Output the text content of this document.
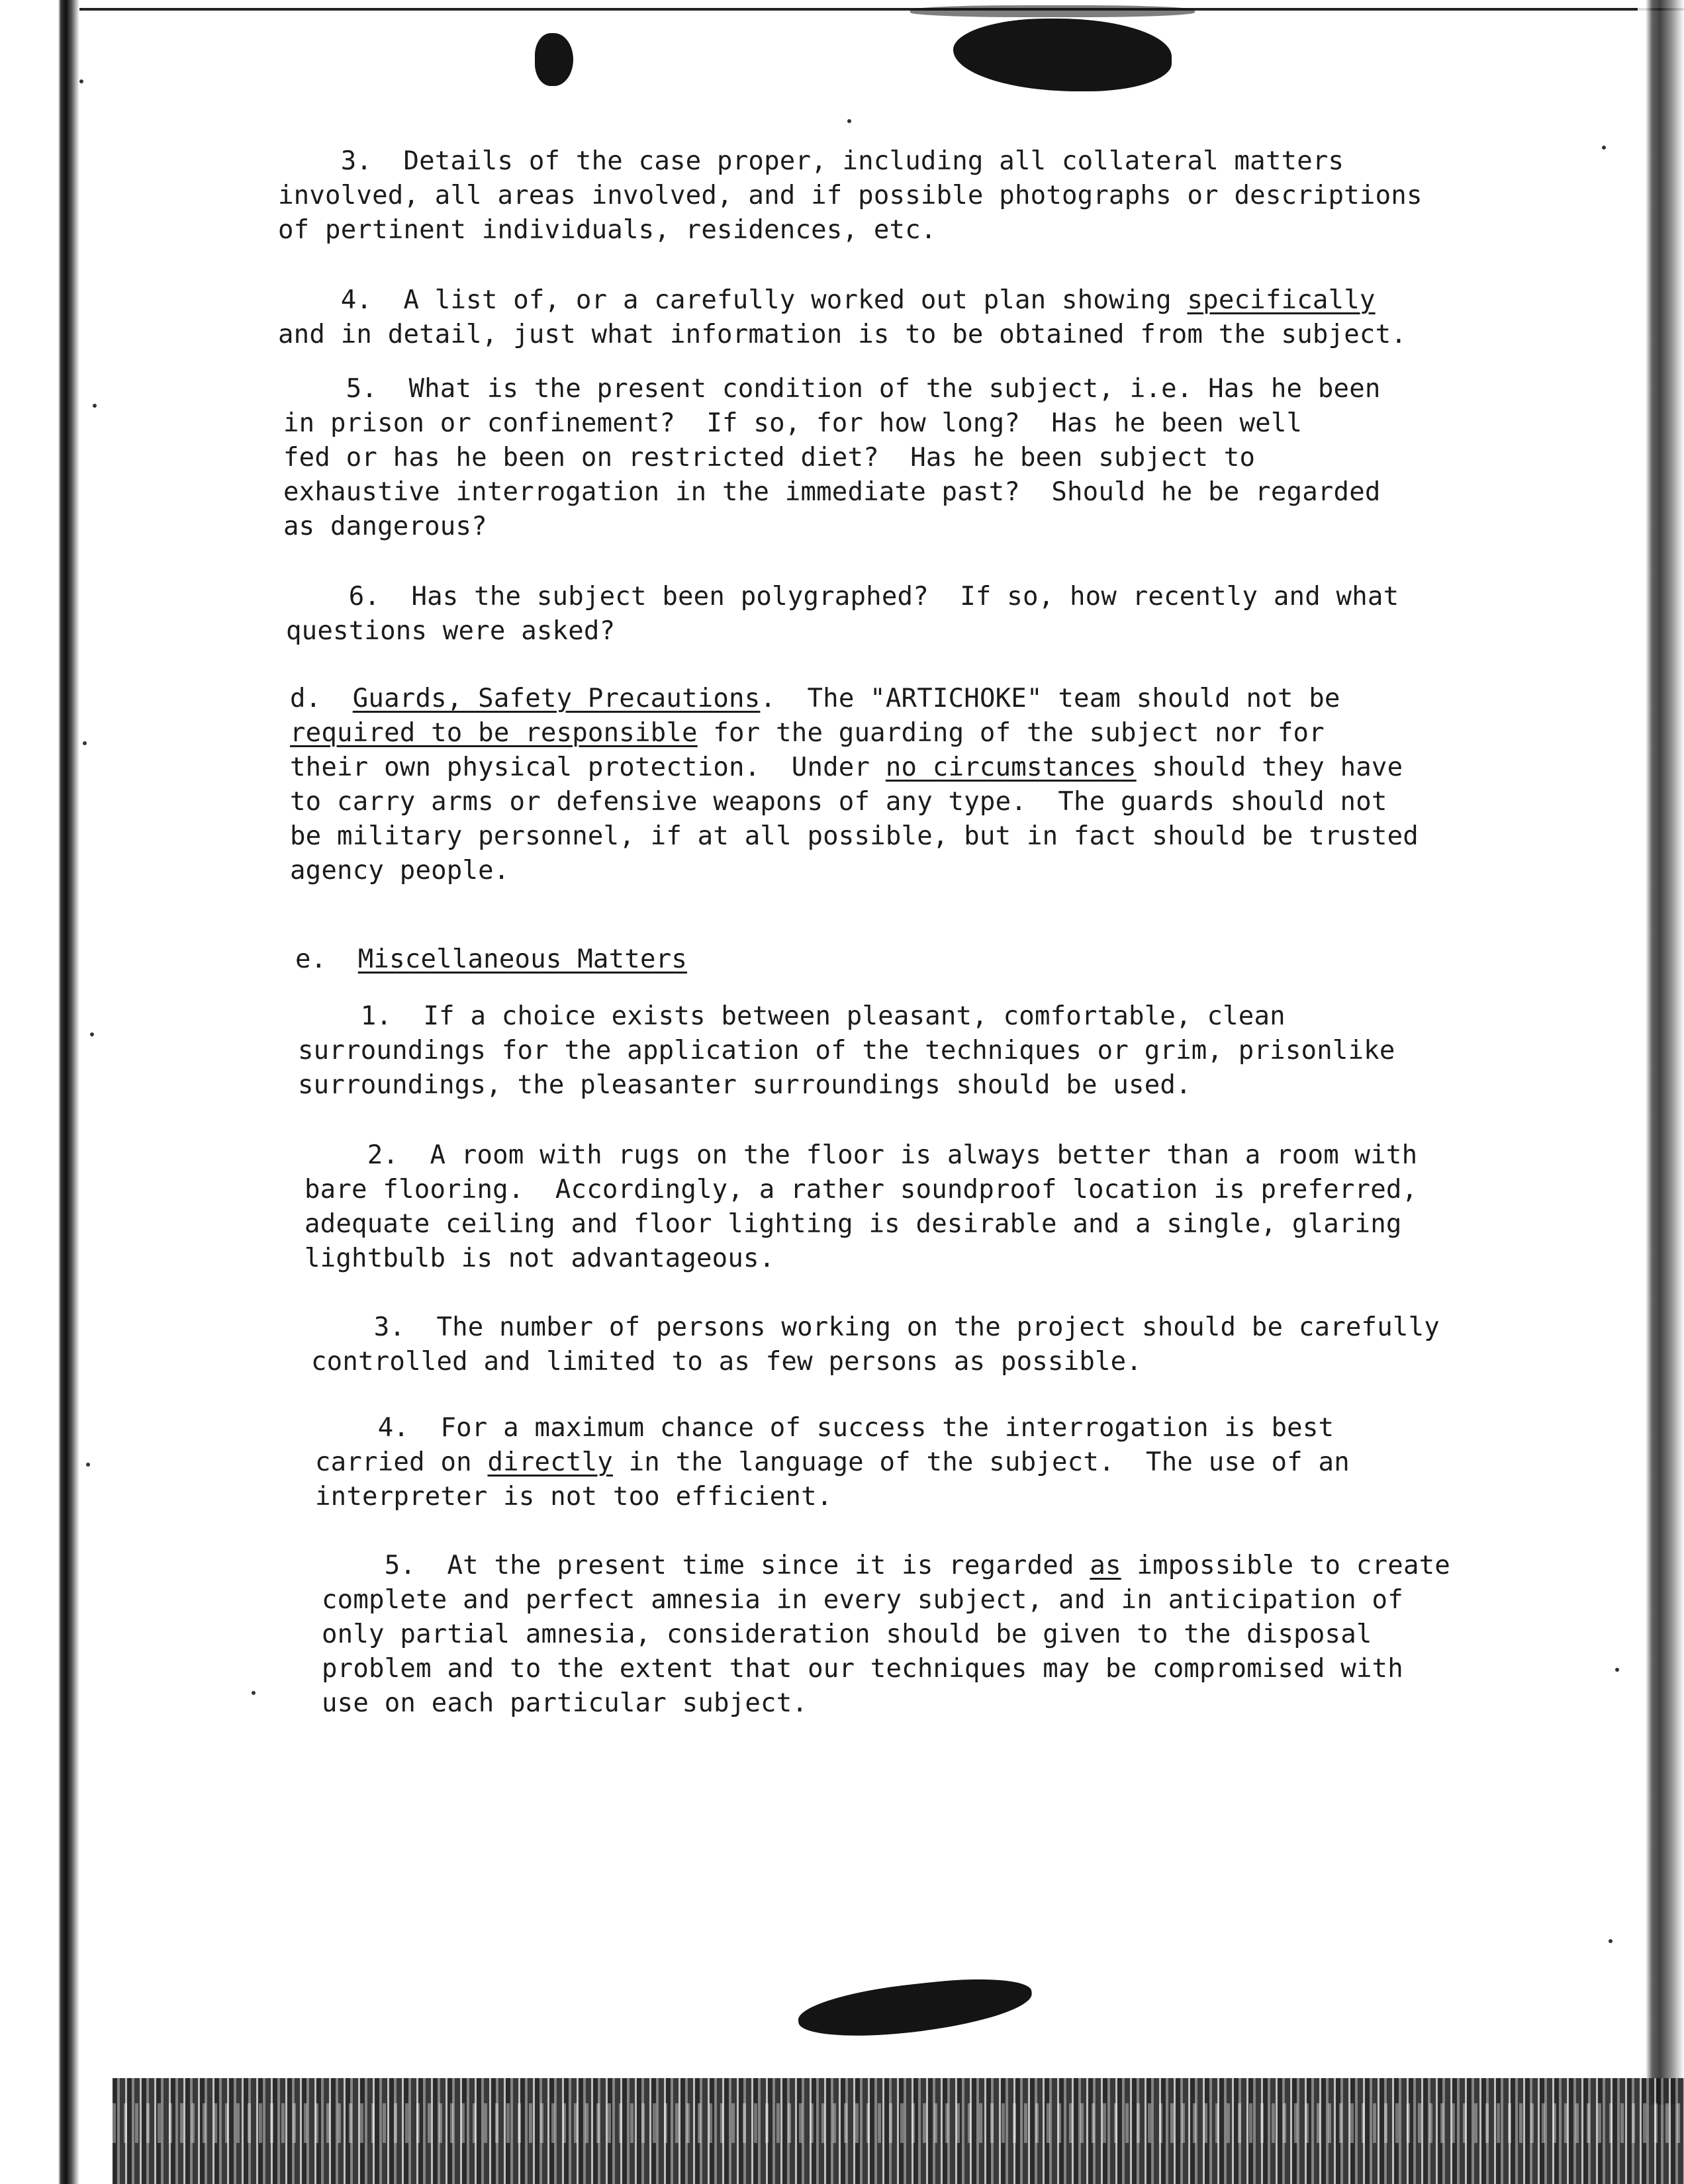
3.  Details of the case proper, including all collateral matters
involved, all areas involved, and if possible photographs or descriptions
of pertinent individuals, residences, etc.
4.  A list of, or a carefully worked out plan showing specifically
and in detail, just what information is to be obtained from the subject.
5.  What is the present condition of the subject, i.e. Has he been
in prison or confinement?  If so, for how long?  Has he been well
fed or has he been on restricted diet?  Has he been subject to
exhaustive interrogation in the immediate past?  Should he be regarded
as dangerous?
6.  Has the subject been polygraphed?  If so, how recently and what
questions were asked?
d.  Guards, Safety Precautions.  The "ARTICHOKE" team should not be
required to be responsible for the guarding of the subject nor for
their own physical protection.  Under no circumstances should they have
to carry arms or defensive weapons of any type.  The guards should not
be military personnel, if at all possible, but in fact should be trusted
agency people.
e.  Miscellaneous Matters
1.  If a choice exists between pleasant, comfortable, clean
surroundings for the application of the techniques or grim, prisonlike
surroundings, the pleasanter surroundings should be used.
2.  A room with rugs on the floor is always better than a room with
bare flooring.  Accordingly, a rather soundproof location is preferred,
adequate ceiling and floor lighting is desirable and a single, glaring
lightbulb is not advantageous.
3.  The number of persons working on the project should be carefully
controlled and limited to as few persons as possible.
4.  For a maximum chance of success the interrogation is best
carried on directly in the language of the subject.  The use of an
interpreter is not too efficient.
5.  At the present time since it is regarded as impossible to create
complete and perfect amnesia in every subject, and in anticipation of
only partial amnesia, consideration should be given to the disposal
problem and to the extent that our techniques may be compromised with
use on each particular subject.
